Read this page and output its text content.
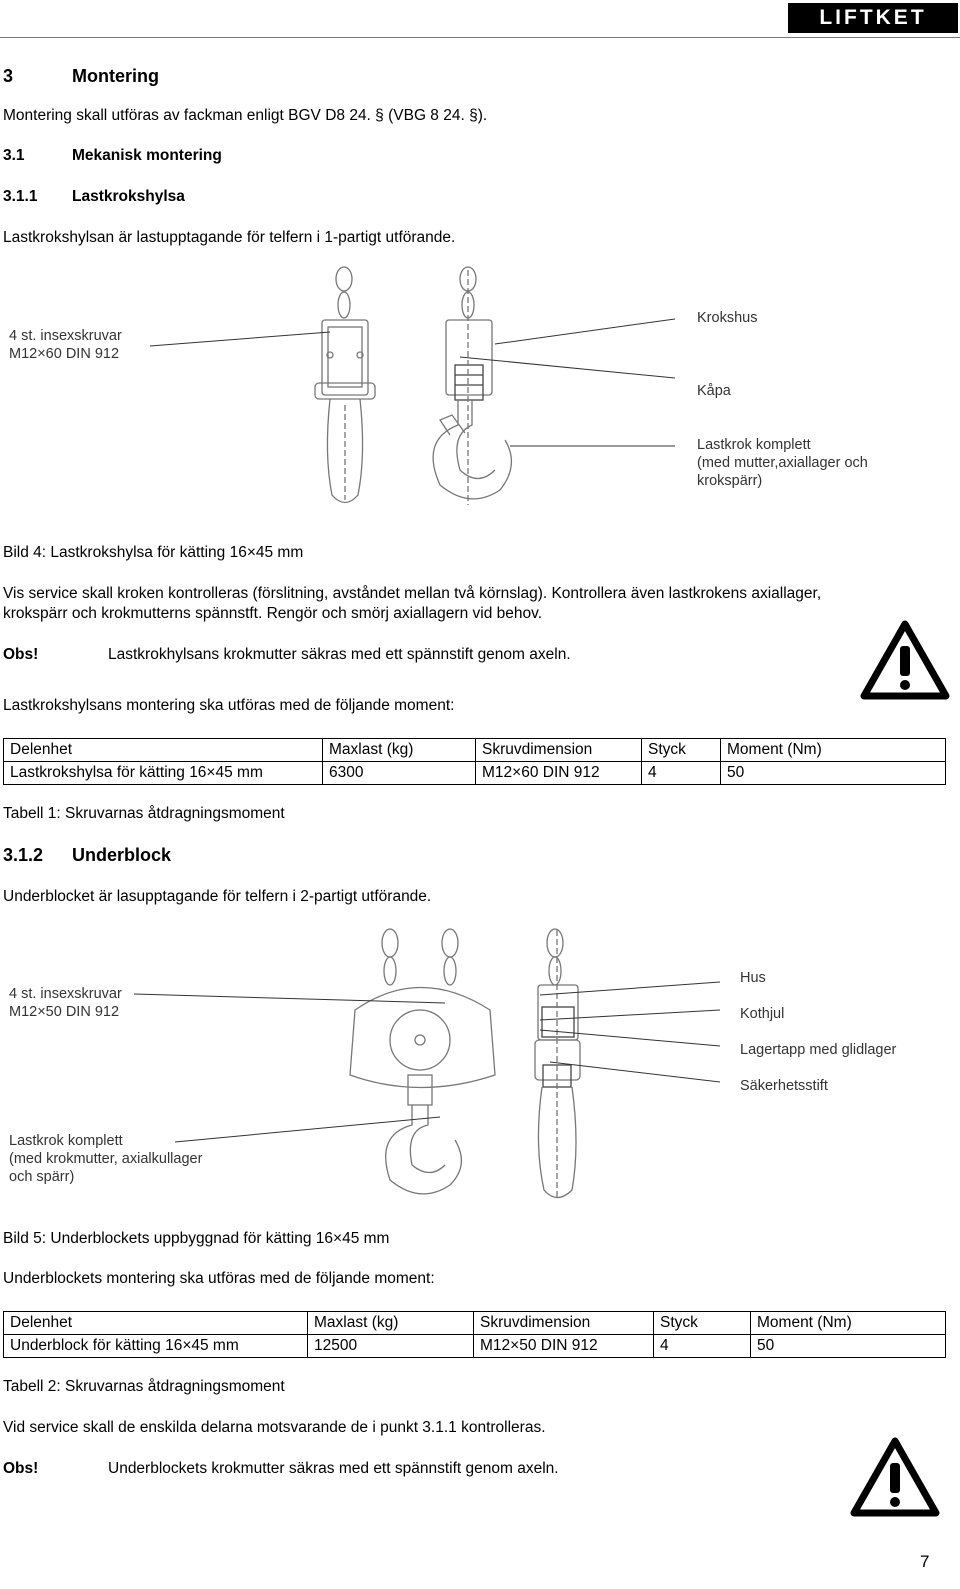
LIFTKET
3	Montering
Montering skall utföras av fackman enligt BGV D8 24. § (VBG 8 24. §).
3.1	Mekanisk montering
3.1.1 Lastkrokshylsa
Lastkrokshylsan är lastupptagande för telfern i 1-partigt utförande.
4 st. insexskruvar
M12×60 DIN 912
Krokshus
Kåpa
Lastkrok komplett
(med mutter,axiallager och
krokspärr)
Bild 4: Lastkrokshylsa för kätting 16×45 mm
Vis service skall kroken kontrolleras (förslitning, avståndet mellan två körnslag). Kontrollera även lastkrokens axiallager,
krokspärr och krokmutterns spännstft. Rengör och smörj axiallagern vid behov.
Obs!	Lastkrokhylsans krokmutter säkras med ett spännstift genom axeln.
Lastkrokshylsans montering ska utföras med de följande moment:
Delenhet	Maxlast (kg)	Skruvdimension	Styck	Moment (Nm)
Lastkrokshylsa för kätting 16×45 mm	6300	M12×60 DIN 912	4	50
Tabell 1: Skruvarnas åtdragningsmoment
3.1.2 Underblock
Underblocket är lasupptagande för telfern i 2-partigt utförande.
4 st. insexskruvar
M12×50 DIN 912
Hus
Kothjul
Lagertapp med glidlager
Säkerhetsstift
Lastkrok komplett
(med krokmutter, axialkullager
och spärr)
Bild 5: Underblockets uppbyggnad för kätting 16×45 mm
Underblockets montering ska utföras med de följande moment:
Delenhet	Maxlast (kg)	Skruvdimension	Styck	Moment (Nm)
Underblock för kätting 16×45 mm	12500	M12×50 DIN 912	4	50
Tabell 2: Skruvarnas åtdragningsmoment
Vid service skall de enskilda delarna motsvarande de i punkt 3.1.1 kontrolleras.
Obs!	Underblockets krokmutter säkras med ett spännstift genom axeln.
7
